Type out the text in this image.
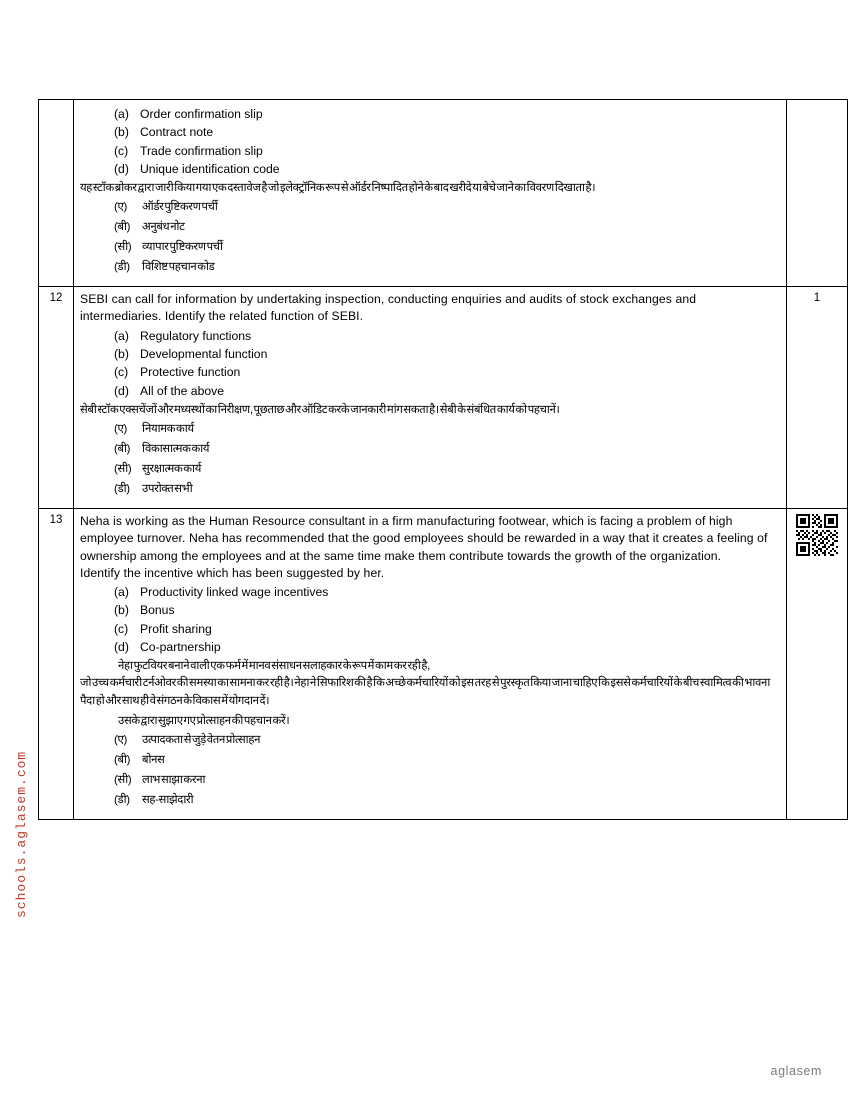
(a) Order confirmation slip
(b) Contract note
(c) Trade confirmation slip
(d) Unique identification code

यह स्टॉक ब्रोकर द्वारा जारी किया गया एक दस्तावेज है जो इलेक्ट्रॉनिक रूप से ऑर्डर निष्पादित होने के बाद खरीदे या बेचे जाने का विवरण दिखाता है।

(ए)	ऑर्डर पुष्टिकरण पर्ची
(बी)	अनुबंध नोट
(सी) व्यापार पुष्टिकरण पर्ची
(डी)	विशिष्ट पहचान कोड

12	SEBI can call for information by undertaking inspection, conducting enquiries and audits of stock exchanges and intermediaries. Identify the related function of SEBI.

(a) Regulatory functions
(b) Developmental function
(c) Protective function
(d) All of the above

सेबी स्टॉक एक्सचेंजों और मध्यस्थों का निरीक्षण, पूछताछ और ऑडिट करके जानकारी मांग सकता है। सेबी के संबंधित कार्य को पहचानें।

(ए)	नियामक कार्य
(बी)	विकासात्मक कार्य
(सी) सुरक्षात्मक कार्य
(डी)	उपरोक्त सभी
	1
13	Neha is working as the Human Resource consultant in a firm manufacturing footwear, which is facing a problem of high employee turnover. Neha has recommended that the good employees should be rewarded in a way that it creates a feeling of ownership among the employees and at the same time make them contribute towards the growth of the organization.

Identify the incentive which has been suggested by her.

(a) Productivity linked wage incentives
(b) Bonus
(c) Profit sharing
(d) Co-partnership

नेहा फुटवियर बनाने वाली एक फर्म में मानव संसाधन सलाहकार के रूप में काम कर रही है,

जो उच्च कर्मचारी टर्नओवर की समस्या का सामना कर रही है। नेहा ने सिफारिश की है कि अच्छे कर्मचारियों को इस तरह से पुरस्कृत किया जाना चाहिए कि इससे कर्मचारियों के बीच स्वामित्व की भावना पैदा हो और साथ ही वे संगठन के विकास में योगदान दें।

उसके द्वारा सुझाए गए प्रोत्साहन की पहचान करें।

(ए)	उत्पादकता से जुड़े वेतन प्रोत्साहन
(बी)	बोनस
(सी) लाभ साझा करना
(डी)	सह-साझेदारी

schools.aglasem.com
aglasem
